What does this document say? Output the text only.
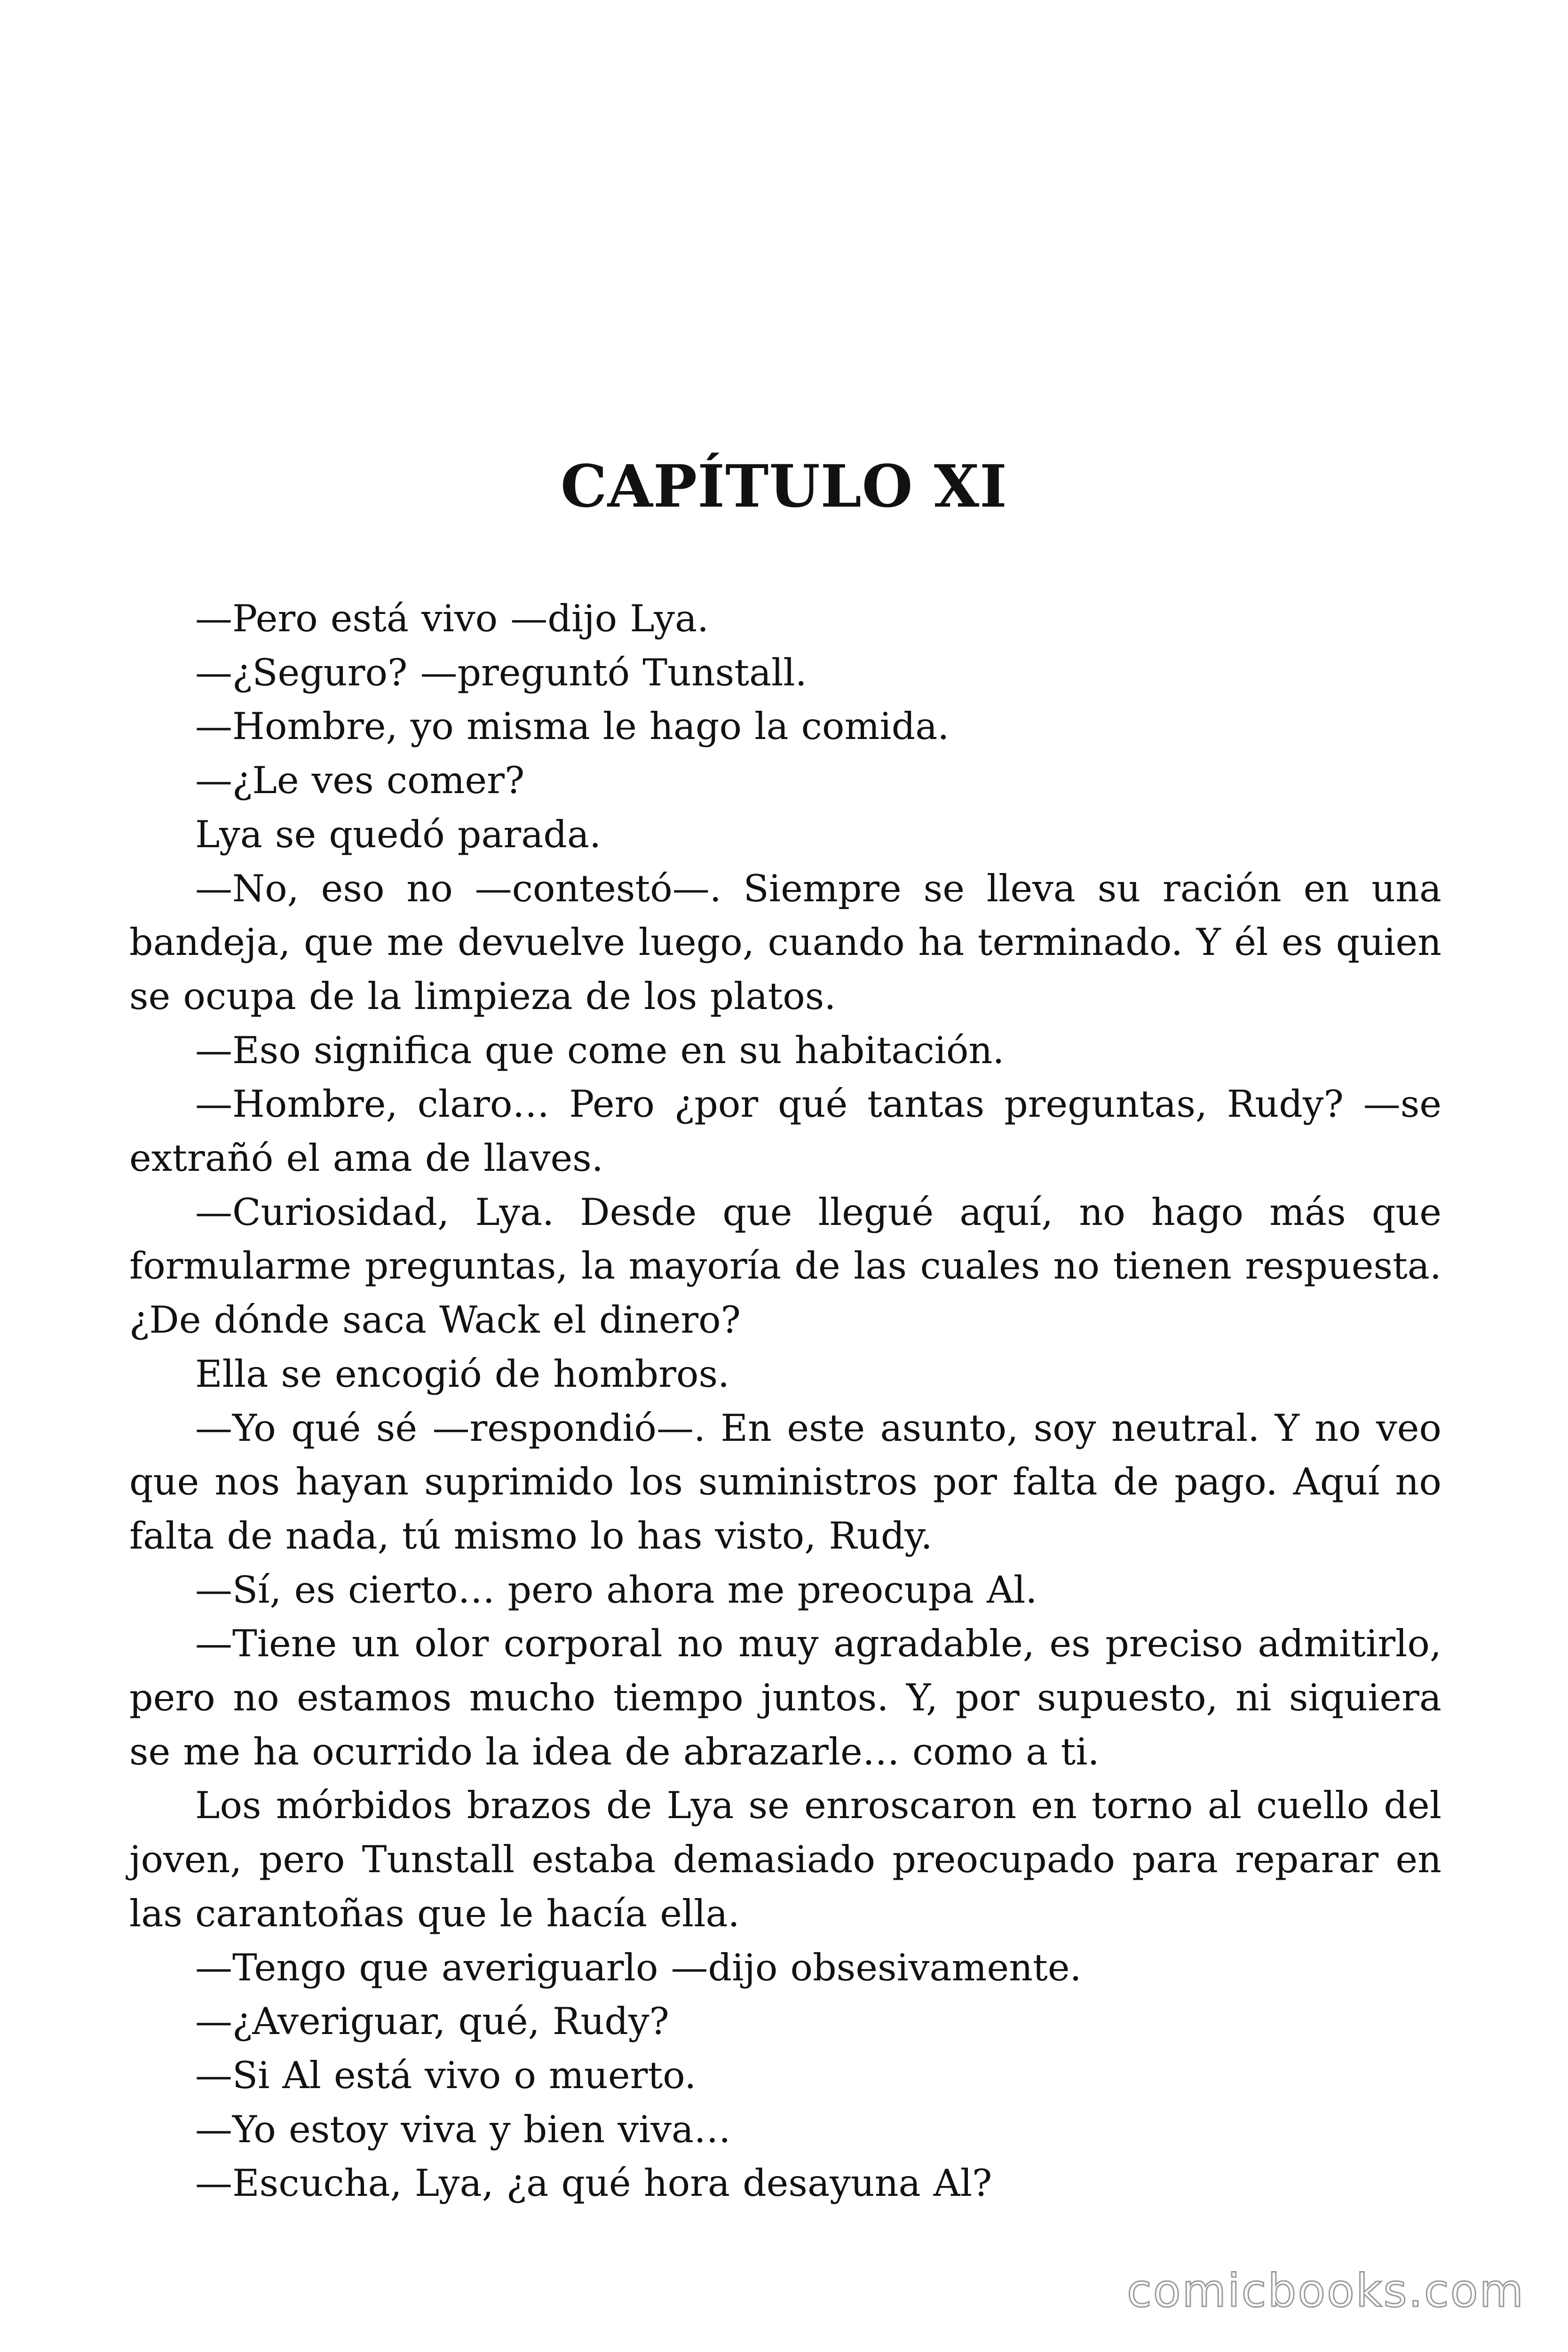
CAPÍTULO XI

—Pero está vivo —dijo Lya.

—¿Seguro? —preguntó Tunstall.

—Hombre, yo misma le hago la comida.

—¿Le ves comer?

Lya se quedó parada.

—No, eso no —contestó—. Siempre se lleva su ración en una bandeja, que me devuelve luego, cuando ha terminado. Y él es quien se ocupa de la limpieza de los platos.

—Eso significa que come en su habitación.

—Hombre, claro… Pero ¿por qué tantas preguntas, Rudy? —se extrañó el ama de llaves.

—Curiosidad, Lya. Desde que llegué aquí, no hago más que formularme preguntas, la mayoría de las cuales no tienen respuesta. ¿De dónde saca Wack el dinero?

Ella se encogió de hombros.

—Yo qué sé —respondió—. En este asunto, soy neutral. Y no veo que nos hayan suprimido los suministros por falta de pago. Aquí no falta de nada, tú mismo lo has visto, Rudy.

—Sí, es cierto… pero ahora me preocupa Al.

—Tiene un olor corporal no muy agradable, es preciso admitirlo, pero no estamos mucho tiempo juntos. Y, por supuesto, ni siquiera se me ha ocurrido la idea de abrazarle… como a ti.

Los mórbidos brazos de Lya se enroscaron en torno al cuello del joven, pero Tunstall estaba demasiado preocupado para reparar en las carantoñas que le hacía ella.

—Tengo que averiguarlo —dijo obsesivamente.

—¿Averiguar, qué, Rudy?

—Si Al está vivo o muerto.

—Yo estoy viva y bien viva…

—Escucha, Lya, ¿a qué hora desayuna Al?

comicbooks.com
